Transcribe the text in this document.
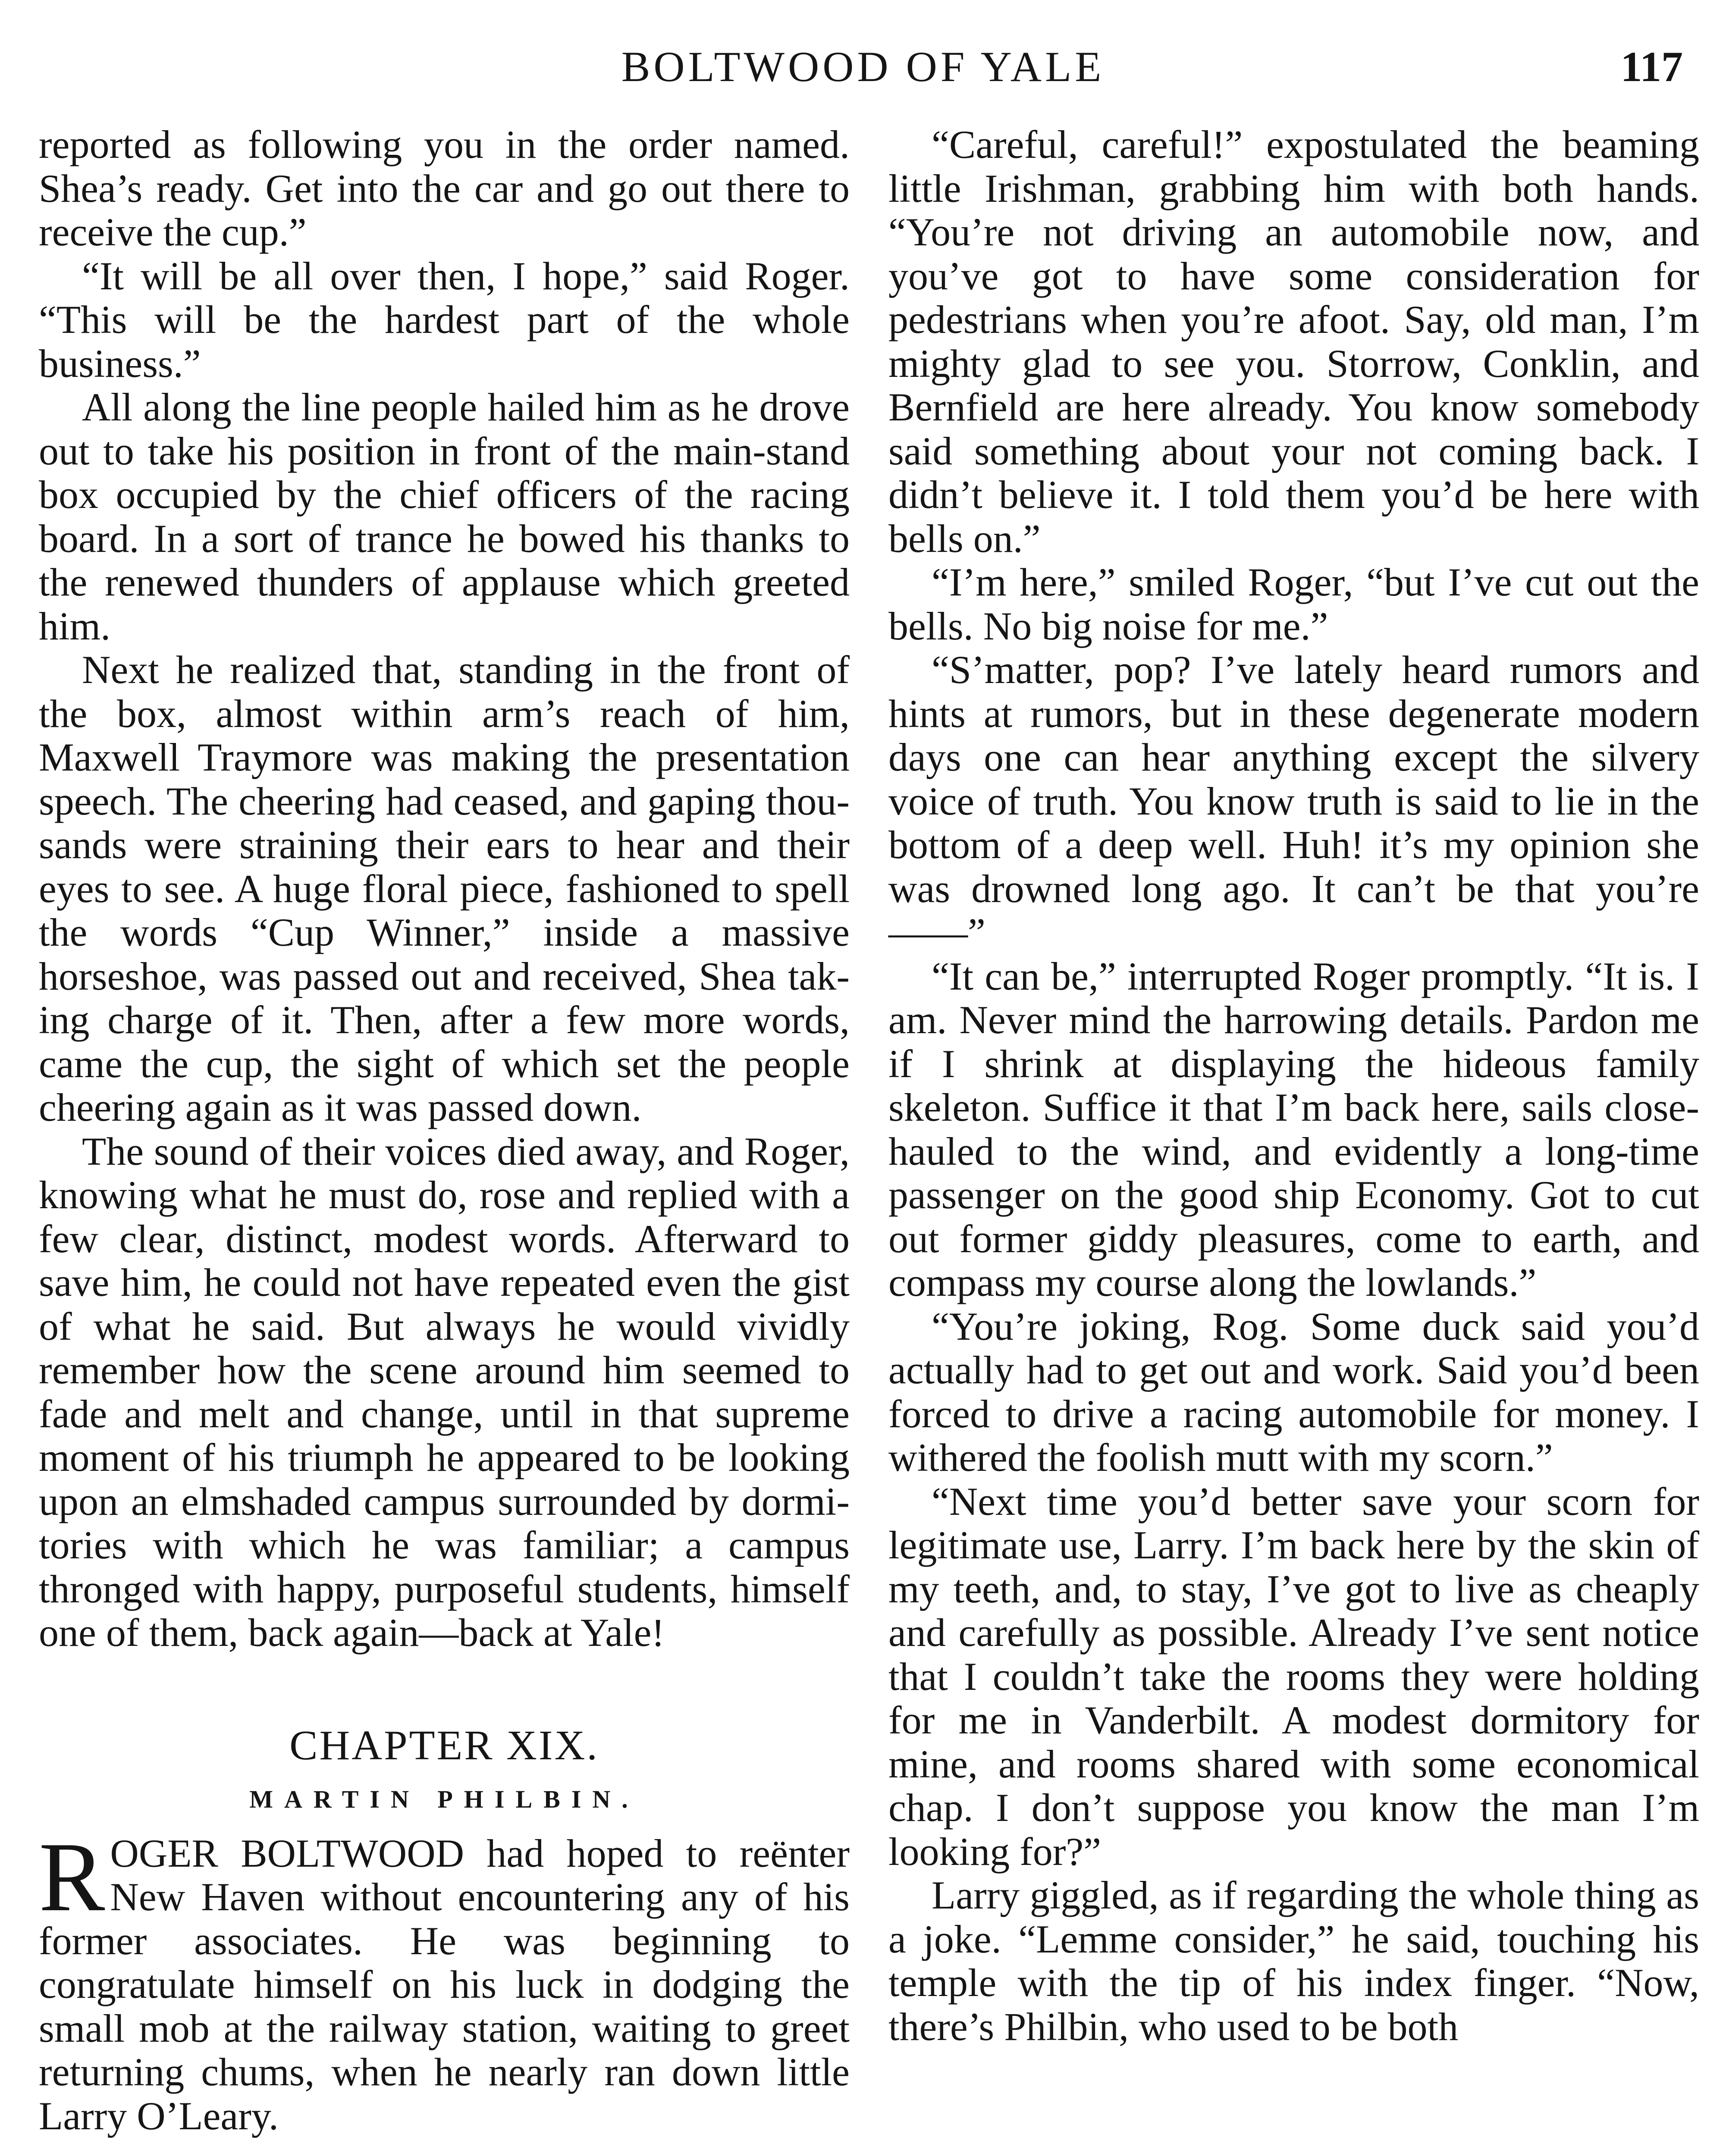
BOLTWOOD OF YALE	117

reported as following you in the order named. Shea’s ready. Get into the car and go out there to receive the cup.”

“It will be all over then, I hope,” said Roger. “This will be the hardest part of the whole business.”

All along the line people hailed him as he drove out to take his position in front of the main-stand box occupied by the chief officers of the racing board. In a sort of trance he bowed his thanks to the renewed thunders of applause which greeted him.

Next he realized that, standing in the front of the box, almost within arm’s reach of him, Maxwell Traymore was making the presentation speech. The cheering had ceased, and gaping thousands were straining their ears to hear and their eyes to see. A huge floral piece, fashioned to spell the words “Cup Winner,” inside a massive horseshoe, was passed out and received, Shea taking charge of it. Then, after a few more words, came the cup, the sight of which set the people cheering again as it was passed down.

The sound of their voices died away, and Roger, knowing what he must do, rose and replied with a few clear, distinct, modest words. Afterward to save him, he could not have repeated even the gist of what he said. But always he would vividly remember how the scene around him seemed to fade and melt and change, until in that supreme moment of his triumph he appeared to be looking upon an elmshaded campus surrounded by dormitories with which he was familiar; a campus thronged with happy, purposeful students, himself one of them, back again—back at Yale!

CHAPTER XIX.
MARTIN PHILBIN.

ROGER BOLTWOOD had hoped to reënter New Haven without encountering any of his former associates. He was beginning to congratulate himself on his luck in dodging the small mob at the railway station, waiting to greet returning chums, when he nearly ran down little Larry O’Leary.

“Careful, careful!” expostulated the beaming little Irishman, grabbing him with both hands. “You’re not driving an automobile now, and you’ve got to have some consideration for pedestrians when you’re afoot. Say, old man, I’m mighty glad to see you. Storrow, Conklin, and Bernfield are here already. You know somebody said something about your not coming back. I didn’t believe it. I told them you’d be here with bells on.”

“I’m here,” smiled Roger, “but I’ve cut out the bells. No big noise for me.”

“S’matter, pop? I’ve lately heard rumors and hints at rumors, but in these degenerate modern days one can hear anything except the silvery voice of truth. You know truth is said to lie in the bottom of a deep well. Huh! it’s my opinion she was drowned long ago. It can’t be that you’re——”

“It can be,” interrupted Roger promptly. “It is. I am. Never mind the harrowing details. Pardon me if I shrink at displaying the hideous family skeleton. Suffice it that I’m back here, sails close-hauled to the wind, and evidently a long-time passenger on the good ship Economy. Got to cut out former giddy pleasures, come to earth, and compass my course along the lowlands.”

“You’re joking, Rog. Some duck said you’d actually had to get out and work. Said you’d been forced to drive a racing automobile for money. I withered the foolish mutt with my scorn.”

“Next time you’d better save your scorn for legitimate use, Larry. I’m back here by the skin of my teeth, and, to stay, I’ve got to live as cheaply and carefully as possible. Already I’ve sent notice that I couldn’t take the rooms they were holding for me in Vanderbilt. A modest dormitory for mine, and rooms shared with some economical chap. I don’t suppose you know the man I’m looking for?”

Larry giggled, as if regarding the whole thing as a joke. “Lemme consider,” he said, touching his temple with the tip of his index finger. “Now, there’s Philbin, who used to be both
